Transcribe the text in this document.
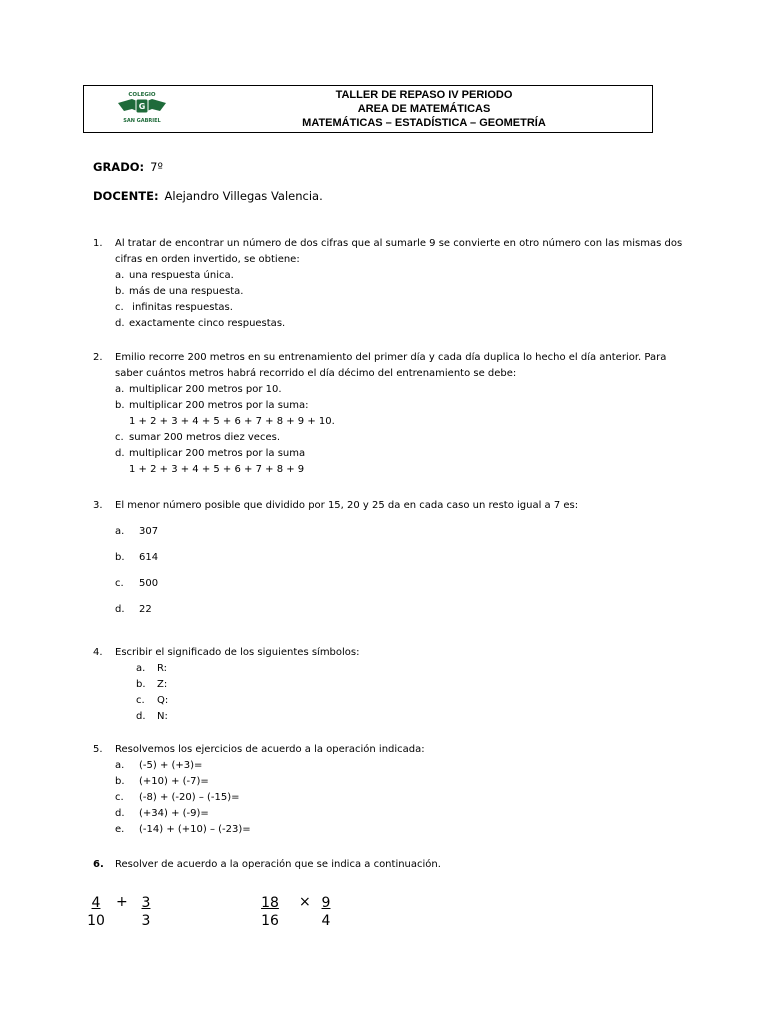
G
COLEGIO
SAN GABRIEL
TALLER DE REPASO IV PERIODO
AREA DE MATEMÁTICAS
MATEMÁTICAS – ESTADÍSTICA – GEOMETRÍA
GRADO: 7º
DOCENTE: Alejandro Villegas Valencia.
1.	Al tratar de encontrar un número de dos cifras que al sumarle 9 se convierte en otro número con las mismas dos cifras en orden invertido, se obtiene:
a. una respuesta única.
b. más de una respuesta.
c. infinitas respuestas.
d. exactamente cinco respuestas.
2.	Emilio recorre 200 metros en su entrenamiento del primer día y cada día duplica lo hecho el día anterior. Para saber cuántos metros habrá recorrido el día décimo del entrenamiento se debe:
a. multiplicar 200 metros por 10.
b. multiplicar 200 metros por la suma:
1 + 2 + 3 + 4 + 5 + 6 + 7 + 8 + 9 + 10.
c. sumar 200 metros diez veces.
d. multiplicar 200 metros por la suma
1 + 2 + 3 + 4 + 5 + 6 + 7 + 8 + 9
3.	El menor número posible que dividido por 15, 20 y 25 da en cada caso un resto igual a 7 es:
a. 307
b. 614
c. 500
d. 22
4.	Escribir el significado de los siguientes símbolos:
a. R:
b. Z:
c. Q:
d. N:
5.	Resolvemos los ejercicios de acuerdo a la operación indicada:
a. (-5) + (+3)=
b. (+10) + (-7)=
c. (-8) + (-20) – (-15)=
d. (+34) + (-9)=
e. (-14) + (+10) – (-23)=
6.	Resolver de acuerdo a la operación que se indica a continuación.
$\frac{4}{10} + \frac{3}{3}$	$\frac{18}{16} \times \frac{9}{4}$
